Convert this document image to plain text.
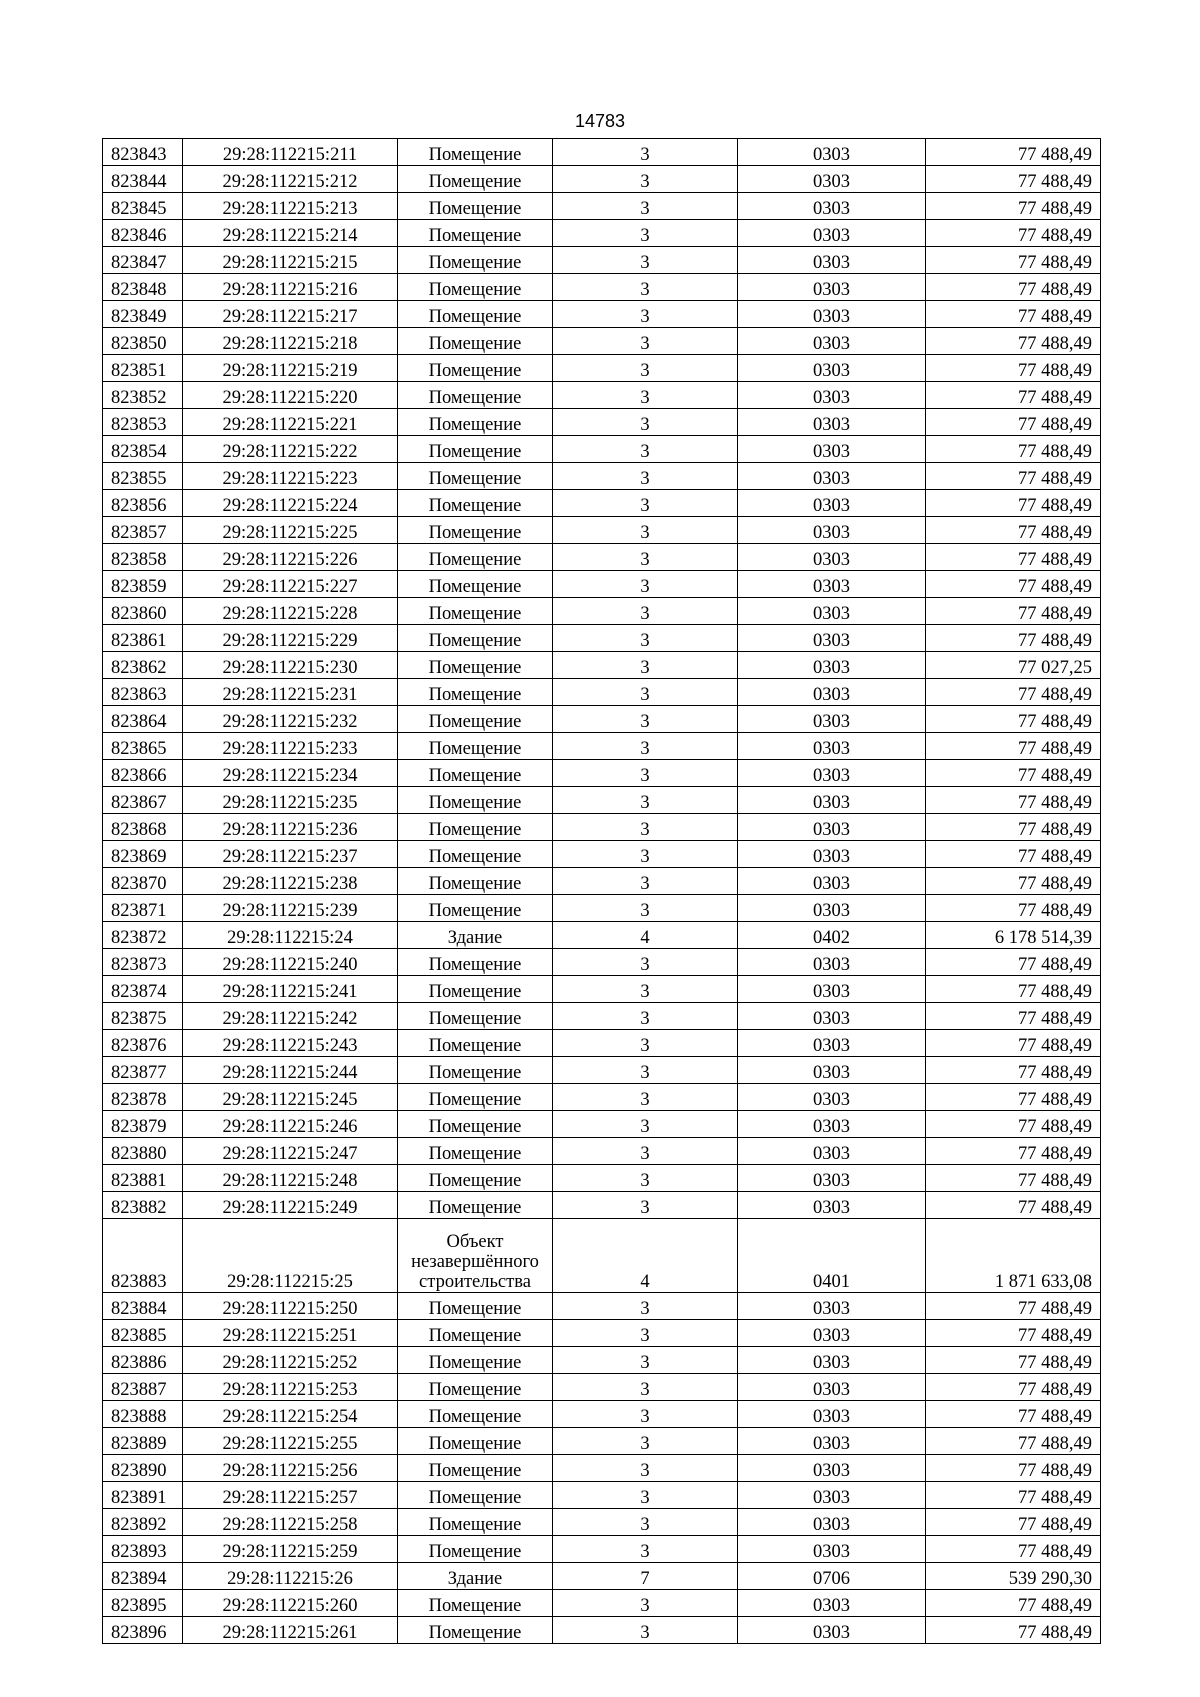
14783
823843	29:28:112215:211	Помещение	3	0303	77 488,49
823844	29:28:112215:212	Помещение	3	0303	77 488,49
823845	29:28:112215:213	Помещение	3	0303	77 488,49
823846	29:28:112215:214	Помещение	3	0303	77 488,49
823847	29:28:112215:215	Помещение	3	0303	77 488,49
823848	29:28:112215:216	Помещение	3	0303	77 488,49
823849	29:28:112215:217	Помещение	3	0303	77 488,49
823850	29:28:112215:218	Помещение	3	0303	77 488,49
823851	29:28:112215:219	Помещение	3	0303	77 488,49
823852	29:28:112215:220	Помещение	3	0303	77 488,49
823853	29:28:112215:221	Помещение	3	0303	77 488,49
823854	29:28:112215:222	Помещение	3	0303	77 488,49
823855	29:28:112215:223	Помещение	3	0303	77 488,49
823856	29:28:112215:224	Помещение	3	0303	77 488,49
823857	29:28:112215:225	Помещение	3	0303	77 488,49
823858	29:28:112215:226	Помещение	3	0303	77 488,49
823859	29:28:112215:227	Помещение	3	0303	77 488,49
823860	29:28:112215:228	Помещение	3	0303	77 488,49
823861	29:28:112215:229	Помещение	3	0303	77 488,49
823862	29:28:112215:230	Помещение	3	0303	77 027,25
823863	29:28:112215:231	Помещение	3	0303	77 488,49
823864	29:28:112215:232	Помещение	3	0303	77 488,49
823865	29:28:112215:233	Помещение	3	0303	77 488,49
823866	29:28:112215:234	Помещение	3	0303	77 488,49
823867	29:28:112215:235	Помещение	3	0303	77 488,49
823868	29:28:112215:236	Помещение	3	0303	77 488,49
823869	29:28:112215:237	Помещение	3	0303	77 488,49
823870	29:28:112215:238	Помещение	3	0303	77 488,49
823871	29:28:112215:239	Помещение	3	0303	77 488,49
823872	29:28:112215:24	Здание	4	0402	6 178 514,39
823873	29:28:112215:240	Помещение	3	0303	77 488,49
823874	29:28:112215:241	Помещение	3	0303	77 488,49
823875	29:28:112215:242	Помещение	3	0303	77 488,49
823876	29:28:112215:243	Помещение	3	0303	77 488,49
823877	29:28:112215:244	Помещение	3	0303	77 488,49
823878	29:28:112215:245	Помещение	3	0303	77 488,49
823879	29:28:112215:246	Помещение	3	0303	77 488,49
823880	29:28:112215:247	Помещение	3	0303	77 488,49
823881	29:28:112215:248	Помещение	3	0303	77 488,49
823882	29:28:112215:249	Помещение	3	0303	77 488,49
823883	29:28:112215:25	Объект незавершённого строительства	4	0401	1 871 633,08
823884	29:28:112215:250	Помещение	3	0303	77 488,49
823885	29:28:112215:251	Помещение	3	0303	77 488,49
823886	29:28:112215:252	Помещение	3	0303	77 488,49
823887	29:28:112215:253	Помещение	3	0303	77 488,49
823888	29:28:112215:254	Помещение	3	0303	77 488,49
823889	29:28:112215:255	Помещение	3	0303	77 488,49
823890	29:28:112215:256	Помещение	3	0303	77 488,49
823891	29:28:112215:257	Помещение	3	0303	77 488,49
823892	29:28:112215:258	Помещение	3	0303	77 488,49
823893	29:28:112215:259	Помещение	3	0303	77 488,49
823894	29:28:112215:26	Здание	7	0706	539 290,30
823895	29:28:112215:260	Помещение	3	0303	77 488,49
823896	29:28:112215:261	Помещение	3	0303	77 488,49
